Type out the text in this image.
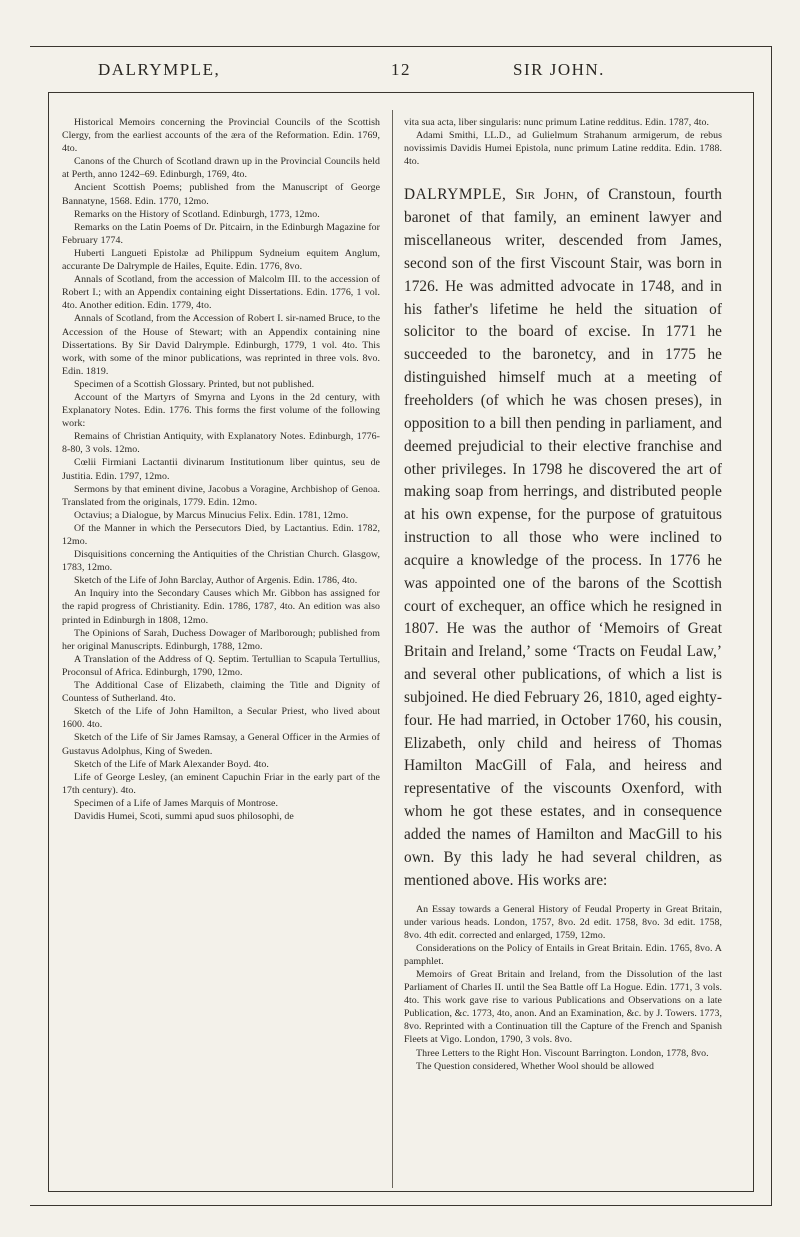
DALRYMPLE,	12	SIR JOHN.

Historical Memoirs concerning the Provincial Councils of the Scottish Clergy, from the earliest accounts of the æra of the Reformation. Edin. 1769, 4to.

Canons of the Church of Scotland drawn up in the Provincial Councils held at Perth, anno 1242–69. Edinburgh, 1769, 4to.

Ancient Scottish Poems; published from the Manuscript of George Bannatyne, 1568. Edin. 1770, 12mo.

Remarks on the History of Scotland. Edinburgh, 1773, 12mo.

Remarks on the Latin Poems of Dr. Pitcairn, in the Edinburgh Magazine for February 1774.

Huberti Langueti Epistolæ ad Philippum Sydneium equitem Anglum, accurante De Dalrymple de Hailes, Equite. Edin. 1776, 8vo.

Annals of Scotland, from the accession of Malcolm III. to the accession of Robert I.; with an Appendix containing eight Dissertations. Edin. 1776, 1 vol. 4to. Another edition. Edin. 1779, 4to.

Annals of Scotland, from the Accession of Robert I. sir-named Bruce, to the Accession of the House of Stewart; with an Appendix containing nine Dissertations. By Sir David Dalrymple. Edinburgh, 1779, 1 vol. 4to. This work, with some of the minor publications, was reprinted in three vols. 8vo. Edin. 1819.

Specimen of a Scottish Glossary. Printed, but not published.

Account of the Martyrs of Smyrna and Lyons in the 2d century, with Explanatory Notes. Edin. 1776. This forms the first volume of the following work:

Remains of Christian Antiquity, with Explanatory Notes. Edinburgh, 1776-8-80, 3 vols. 12mo.

Cœlii Firmiani Lactantii divinarum Institutionum liber quintus, seu de Justitia. Edin. 1797, 12mo.

Sermons by that eminent divine, Jacobus a Voragine, Archbishop of Genoa. Translated from the originals, 1779. Edin. 12mo.

Octavius; a Dialogue, by Marcus Minucius Felix. Edin. 1781, 12mo.

Of the Manner in which the Persecutors Died, by Lactantius. Edin. 1782, 12mo.

Disquisitions concerning the Antiquities of the Christian Church. Glasgow, 1783, 12mo.

Sketch of the Life of John Barclay, Author of Argenis. Edin. 1786, 4to.

An Inquiry into the Secondary Causes which Mr. Gibbon has assigned for the rapid progress of Christianity. Edin. 1786, 1787, 4to. An edition was also printed in Edinburgh in 1808, 12mo.

The Opinions of Sarah, Duchess Dowager of Marlborough; published from her original Manuscripts. Edinburgh, 1788, 12mo.

A Translation of the Address of Q. Septim. Tertullian to Scapula Tertullius, Proconsul of Africa. Edinburgh, 1790, 12mo.

The Additional Case of Elizabeth, claiming the Title and Dignity of Countess of Sutherland. 4to.

Sketch of the Life of John Hamilton, a Secular Priest, who lived about 1600. 4to.

Sketch of the Life of Sir James Ramsay, a General Officer in the Armies of Gustavus Adolphus, King of Sweden.

Sketch of the Life of Mark Alexander Boyd. 4to.

Life of George Lesley, (an eminent Capuchin Friar in the early part of the 17th century). 4to.

Specimen of a Life of James Marquis of Montrose.

Davidis Humei, Scoti, summi apud suos philosophi, de

vita sua acta, liber singularis: nunc primum Latine redditus. Edin. 1787, 4to.

Adami Smithi, LL.D., ad Gulielmum Strahanum armigerum, de rebus novissimis Davidis Humei Epistola, nunc primum Latine reddita. Edin. 1788. 4to.

DALRYMPLE, Sir John, of Cranstoun, fourth baronet of that family, an eminent lawyer and miscellaneous writer, descended from James, second son of the first Viscount Stair, was born in 1726. He was admitted advocate in 1748, and in his father's lifetime he held the situation of solicitor to the board of excise. In 1771 he succeeded to the baronetcy, and in 1775 he distinguished himself much at a meeting of freeholders (of which he was chosen preses), in opposition to a bill then pending in parliament, and deemed prejudicial to their elective franchise and other privileges. In 1798 he discovered the art of making soap from herrings, and distributed people at his own expense, for the purpose of gratuitous instruction to all those who were inclined to acquire a knowledge of the process. In 1776 he was appointed one of the barons of the Scottish court of exchequer, an office which he resigned in 1807. He was the author of ‘Memoirs of Great Britain and Ireland,’ some ‘Tracts on Feudal Law,’ and several other publications, of which a list is subjoined. He died February 26, 1810, aged eighty-four. He had married, in October 1760, his cousin, Elizabeth, only child and heiress of Thomas Hamilton MacGill of Fala, and heiress and representative of the viscounts Oxenford, with whom he got these estates, and in consequence added the names of Hamilton and MacGill to his own. By this lady he had several children, as mentioned above. His works are:

An Essay towards a General History of Feudal Property in Great Britain, under various heads. London, 1757, 8vo. 2d edit. 1758, 8vo. 3d edit. 1758, 8vo. 4th edit. corrected and enlarged, 1759, 12mo.

Considerations on the Policy of Entails in Great Britain. Edin. 1765, 8vo. A pamphlet.

Memoirs of Great Britain and Ireland, from the Dissolution of the last Parliament of Charles II. until the Sea Battle off La Hogue. Edin. 1771, 3 vols. 4to. This work gave rise to various Publications and Observations on a late Publication, &c. 1773, 4to, anon. And an Examination, &c. by J. Towers. 1773, 8vo. Reprinted with a Continuation till the Capture of the French and Spanish Fleets at Vigo. London, 1790, 3 vols. 8vo.

Three Letters to the Right Hon. Viscount Barrington. London, 1778, 8vo.

The Question considered, Whether Wool should be allowed
